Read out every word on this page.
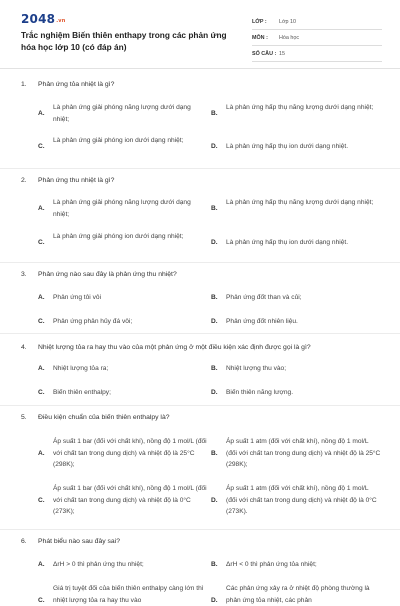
2048.vn
Trắc nghiệm Biến thiên enthapy trong các phản ứng hóa học lớp 10 (có đáp án)
LỚP :	Lớp 10
MÔN :	Hóa học
SỐ CÂU : 15
1. Phản ứng tỏa nhiệt là gì?
A.
Là phản ứng giải phóng năng lượng dưới dạng nhiệt;
B.
Là phản ứng hấp thụ năng lượng dưới dạng nhiệt;
C.
Là phản ứng giải phóng ion dưới dạng nhiệt;
D. Là phản ứng hấp thụ ion dưới dạng nhiệt.
2. Phản ứng thu nhiệt là gì?
A.
Là phản ứng giải phóng năng lượng dưới dạng nhiệt;
B.
Là phản ứng hấp thụ năng lượng dưới dạng nhiệt;
C.
Là phản ứng giải phóng ion dưới dạng nhiệt;
D. Là phản ứng hấp thụ ion dưới dạng nhiệt.
3. Phản ứng nào sau đây là phản ứng thu nhiệt?
A. Phản ứng tôi vôi	B. Phản ứng đốt than và củi;
C. Phản ứng phân hủy đá vôi;	D. Phản ứng đốt nhiên liệu.
4. Nhiệt lượng tỏa ra hay thu vào của một phản ứng ở một điều kiện xác định được gọi là gì?
A. Nhiệt lượng tỏa ra;	B. Nhiệt lượng thu vào;
C. Biến thiên enthalpy;	D. Biến thiên năng lượng.
5. Điều kiện chuẩn của biến thiên enthalpy là?
A.
Áp suất 1 bar (đối với chất khí), nồng độ 1 mol/L (đối với chất tan trong dung dịch) và nhiệt độ là 25°C (298K);
B.
Áp suất 1 atm (đối với chất khí), nồng độ 1 mol/L (đối với chất tan trong dung dịch) và nhiệt độ là 25°C (298K);
C.
Áp suất 1 bar (đối với chất khí), nồng độ 1 mol/L (đối với chất tan trong dung dịch) và nhiệt độ là 0°C (273K);
D.
Áp suất 1 atm (đối với chất khí), nồng độ 1 mol/L (đối với chất tan trong dung dịch) và nhiệt độ là 0°C (273K).
6. Phát biểu nào sau đây sai?
A. ΔrH > 0 thì phản ứng thu nhiệt;	B. ΔrH < 0 thì phản ứng tỏa nhiệt;
C.
Giá trị tuyệt đối của biến thiên enthalpy càng lớn thì nhiệt lượng tỏa ra hay thu vào	D.
Các phản ứng xảy ra ở nhiệt độ phòng thường là phản ứng tỏa nhiệt, các phản
